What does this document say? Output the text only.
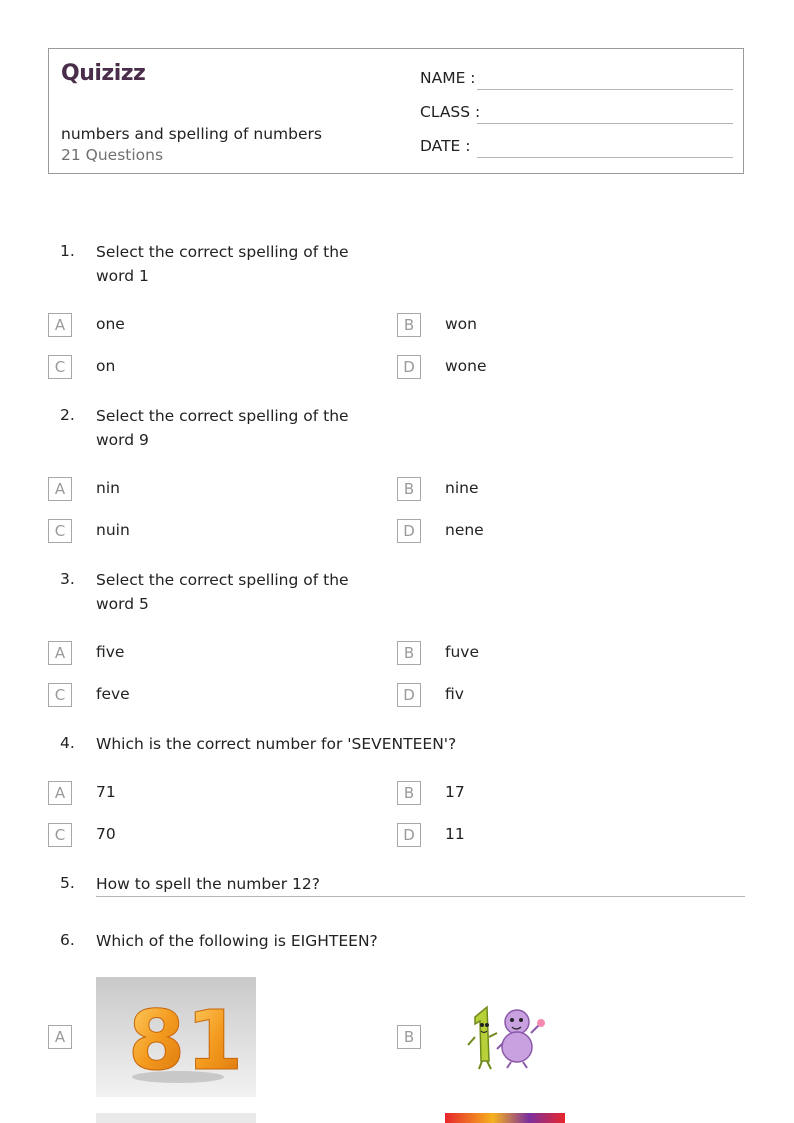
Quizizz
numbers and spelling of numbers
21 Questions
NAME :
CLASS :
DATE :
1. Select the correct spelling of the word 1
A	one	B	won
C	on	D	wone
2. Select the correct spelling of the word 9
A	nin	B	nine
C	nuin	D	nene
3. Select the correct spelling of the word 5
A	five	B	fuve
C	feve	D	fiv
4. Which is the correct number for 'SEVENTEEN'?
A	71	B	17
C	70	D	11
5. How to spell the number 12?
6. Which of the following is EIGHTEEN?
A 8 1	B
